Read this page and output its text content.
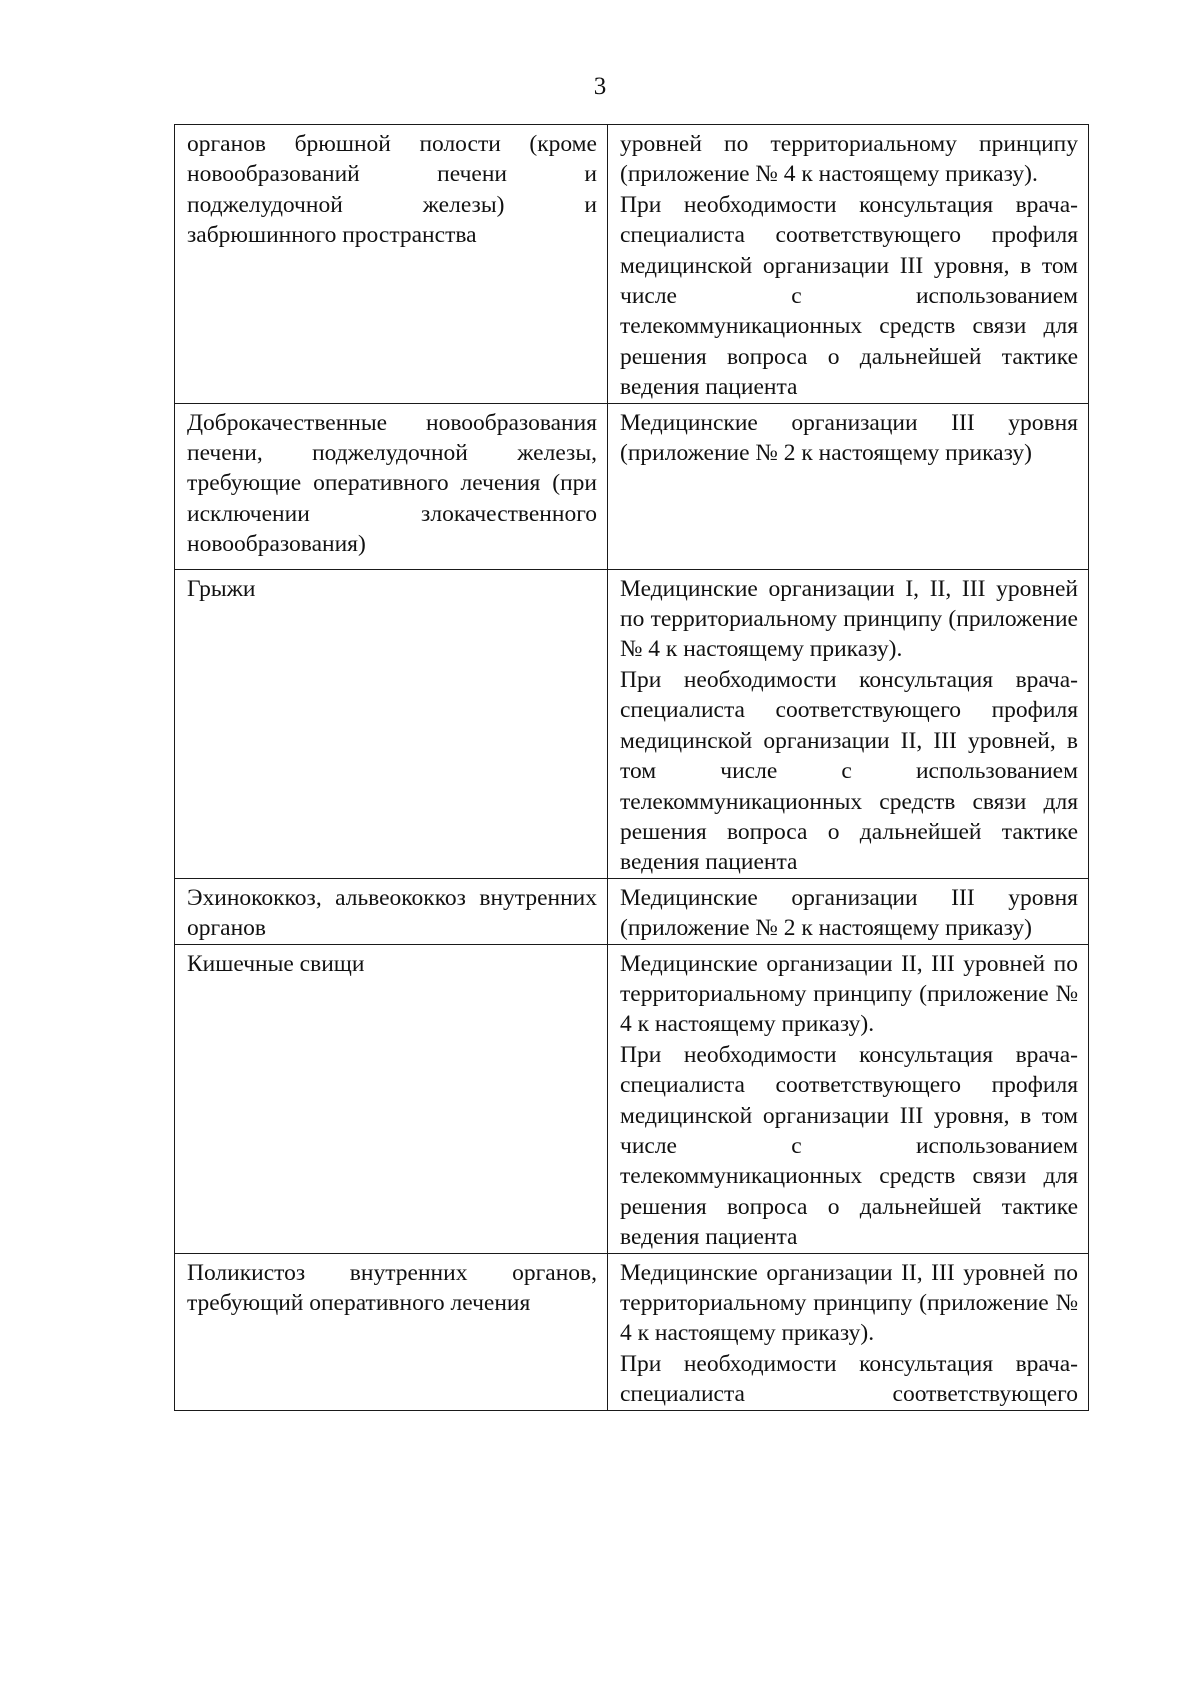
3

органов брюшной полости (кроме новообразований печени и поджелудочной железы) и забрюшинного пространства	уровней по территориальному принципу (приложение № 4 к настоящему приказу).

При необходимости консультация врача-специалиста соответствующего профиля медицинской организации III уровня, в том числе с использованием телекоммуникационных средств связи для решения вопроса о дальнейшей тактике ведения пациента

Доброкачественные новообразования печени, поджелудочной железы, требующие оперативного лечения (при исключении злокачественного новообразования)	Медицинские организации III уровня (приложение № 2 к настоящему приказу)

Грыжи	Медицинские организации I, II, III уровней по территориальному принципу (приложение № 4 к настоящему приказу).

При необходимости консультация врача-специалиста соответствующего профиля медицинской организации II, III уровней, в том числе с использованием телекоммуникационных средств связи для решения вопроса о дальнейшей тактике ведения пациента

Эхинококкоз, альвеококкоз внутренних органов	Медицинские организации III уровня (приложение № 2 к настоящему приказу)

Кишечные свищи	Медицинские организации II, III уровней по территориальному принципу (приложение № 4 к настоящему приказу).

При необходимости консультация врача-специалиста соответствующего профиля медицинской организации III уровня, в том числе с использованием телекоммуникационных средств связи для решения вопроса о дальнейшей тактике ведения пациента

Поликистоз внутренних органов, требующий оперативного лечения	Медицинские организации II, III уровней по территориальному принципу (приложение № 4 к настоящему приказу).

При необходимости консультация врача-специалиста соответствующего
